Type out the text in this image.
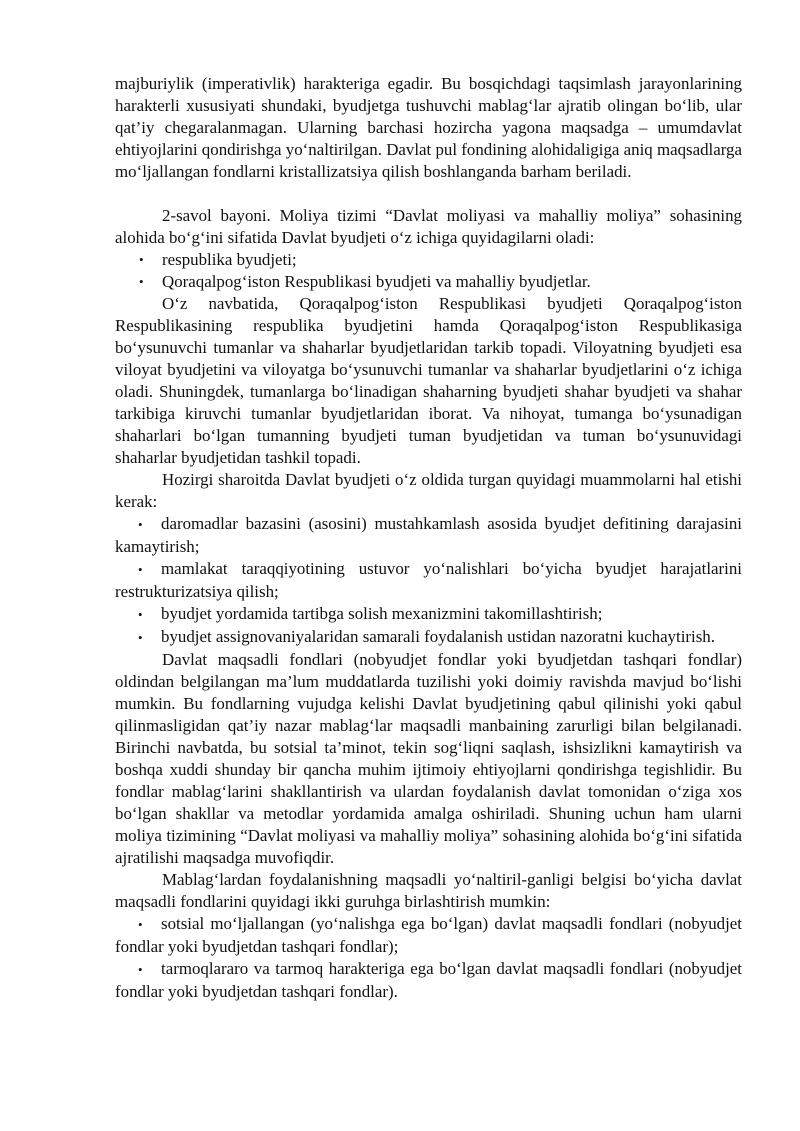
majburiylik (imperativlik) harakteriga egadir. Bu bosqichdagi taqsimlash jarayonlarining harakterli xususiyati shundaki, byudjetga tushuvchi mablag‘lar ajratib olingan bo‘lib, ular qat’iy chegaralanmagan. Ularning barchasi hozircha yagona maqsadga – umumdavlat ehtiyojlarini qondirishga yo‘naltirilgan. Davlat pul fondining alohidaligiga aniq maqsadlarga mo‘ljallangan fondlarni kristallizatsiya qilish boshlanganda barham beriladi.

2-savol bayoni. Moliya tizimi “Davlat moliyasi va mahalliy moliya” sohasining alohida bo‘g‘ini sifatida Davlat byudjeti o‘z ichiga quyidagilarni oladi:

•	respublika byudjeti;
•	Qoraqalpog‘iston Respublikasi byudjeti va mahalliy byudjetlar.

O‘z navbatida, Qoraqalpog‘iston Respublikasi byudjeti Qoraqalpog‘iston Respublikasining respublika byudjetini hamda Qoraqalpog‘iston Respublikasiga bo‘ysunuvchi tumanlar va shaharlar byudjetlaridan tarkib topadi. Viloyatning byudjeti esa viloyat byudjetini va viloyatga bo‘ysunuvchi tumanlar va shaharlar byudjetlarini o‘z ichiga oladi. Shuningdek, tumanlarga bo‘linadigan shaharning byudjeti shahar byudjeti va shahar tarkibiga kiruvchi tumanlar byudjetlaridan iborat. Va nihoyat, tumanga bo‘ysunadigan shaharlari bo‘lgan tumanning byudjeti tuman byudjetidan va tuman bo‘ysunuvidagi shaharlar byudjetidan tashkil topadi.

Hozirgi sharoitda Davlat byudjeti o‘z oldida turgan quyidagi muammolarni hal etishi kerak:

• daromadlar bazasini (asosini) mustahkamlash asosida byudjet defitining darajasini kamaytirish;
• mamlakat taraqqiyotining ustuvor yo‘nalishlari bo‘yicha byudjet harajatlarini restrukturizatsiya qilish;
• byudjet yordamida tartibga solish mexanizmini takomillashtirish;
• byudjet assignovaniyalaridan samarali foydalanish ustidan nazoratni kuchaytirish.

Davlat maqsadli fondlari (nobyudjet fondlar yoki byudjetdan tashqari fondlar) oldindan belgilangan ma’lum muddatlarda tuzilishi yoki doimiy ravishda mavjud bo‘lishi mumkin. Bu fondlarning vujudga kelishi Davlat byudjetining qabul qilinishi yoki qabul qilinmasligidan qat’iy nazar mablag‘lar maqsadli manbaining zarurligi bilan belgilanadi. Birinchi navbatda, bu sotsial ta’minot, tekin sog‘liqni saqlash, ishsizlikni kamaytirish va boshqa xuddi shunday bir qancha muhim ijtimoiy ehtiyojlarni qondirishga tegishlidir. Bu fondlar mablag‘larini shakllantirish va ulardan foydalanish davlat tomonidan o‘ziga xos bo‘lgan shakllar va metodlar yordamida amalga oshiriladi. Shuning uchun ham ularni moliya tizimining “Davlat moliyasi va mahalliy moliya” sohasining alohida bo‘g‘ini sifatida ajratilishi maqsadga muvofiqdir.

Mablag‘lardan foydalanishning maqsadli yo‘naltiril-ganligi belgisi bo‘yicha davlat maqsadli fondlarini quyidagi ikki guruhga birlashtirish mumkin:

• sotsial mo‘ljallangan (yo‘nalishga ega bo‘lgan) davlat maqsadli fondlari (nobyudjet fondlar yoki byudjetdan tashqari fondlar);
• tarmoqlararo va tarmoq harakteriga ega bo‘lgan davlat maqsadli fondlari (nobyudjet fondlar yoki byudjetdan tashqari fondlar).
